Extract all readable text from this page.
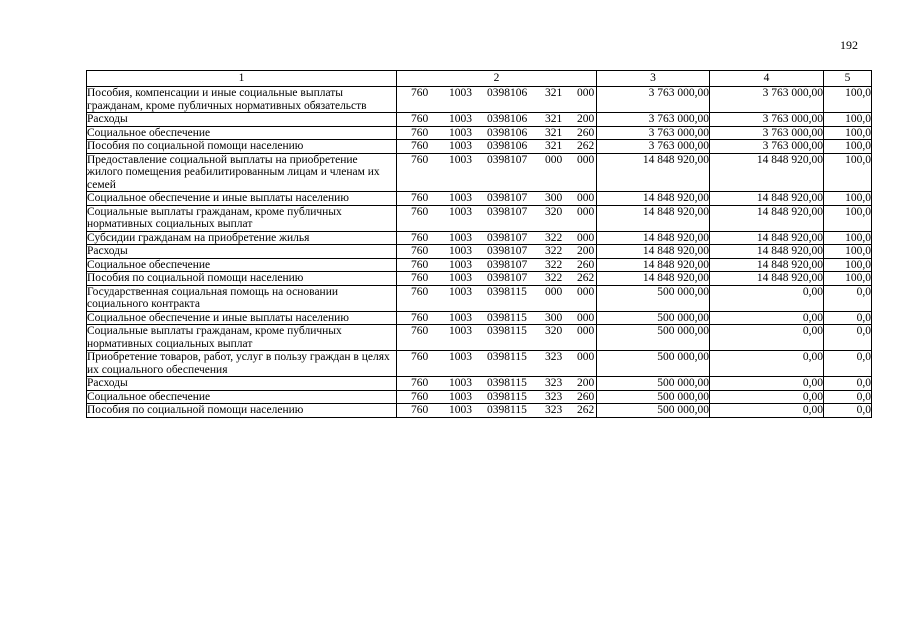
192
1	2	3	4	5
Пособия, компенсации и иные социальные выплаты гражданам, кроме публичных нормативных обязательств	760 1003 0398106 321 000	3 763 000,00	3 763 000,00	100,0
Расходы	760 1003 0398106 321 200	3 763 000,00	3 763 000,00	100,0
Социальное обеспечение	760 1003 0398106 321 260	3 763 000,00	3 763 000,00	100,0
Пособия по социальной помощи населению	760 1003 0398106 321 262	3 763 000,00	3 763 000,00	100,0
Предоставление социальной выплаты на приобретение жилого помещения реабилитированным лицам и членам их семей	760 1003 0398107 000 000	14 848 920,00	14 848 920,00	100,0
Социальное обеспечение и иные выплаты населению	760 1003 0398107 300 000	14 848 920,00	14 848 920,00	100,0
Социальные выплаты гражданам, кроме публичных нормативных социальных выплат	760 1003 0398107 320 000	14 848 920,00	14 848 920,00	100,0
Субсидии гражданам на приобретение жилья	760 1003 0398107 322 000	14 848 920,00	14 848 920,00	100,0
Расходы	760 1003 0398107 322 200	14 848 920,00	14 848 920,00	100,0
Социальное обеспечение	760 1003 0398107 322 260	14 848 920,00	14 848 920,00	100,0
Пособия по социальной помощи населению	760 1003 0398107 322 262	14 848 920,00	14 848 920,00	100,0
Государственная социальная помощь на основании социального контракта	760 1003 0398115 000 000	500 000,00	0,00	0,0
Социальное обеспечение и иные выплаты населению	760 1003 0398115 300 000	500 000,00	0,00	0,0
Социальные выплаты гражданам, кроме публичных нормативных социальных выплат	760 1003 0398115 320 000	500 000,00	0,00	0,0
Приобретение товаров, работ, услуг в пользу граждан в целях их социального обеспечения	760 1003 0398115 323 000	500 000,00	0,00	0,0
Расходы	760 1003 0398115 323 200	500 000,00	0,00	0,0
Социальное обеспечение	760 1003 0398115 323 260	500 000,00	0,00	0,0
Пособия по социальной помощи населению	760 1003 0398115 323 262	500 000,00	0,00	0,0
